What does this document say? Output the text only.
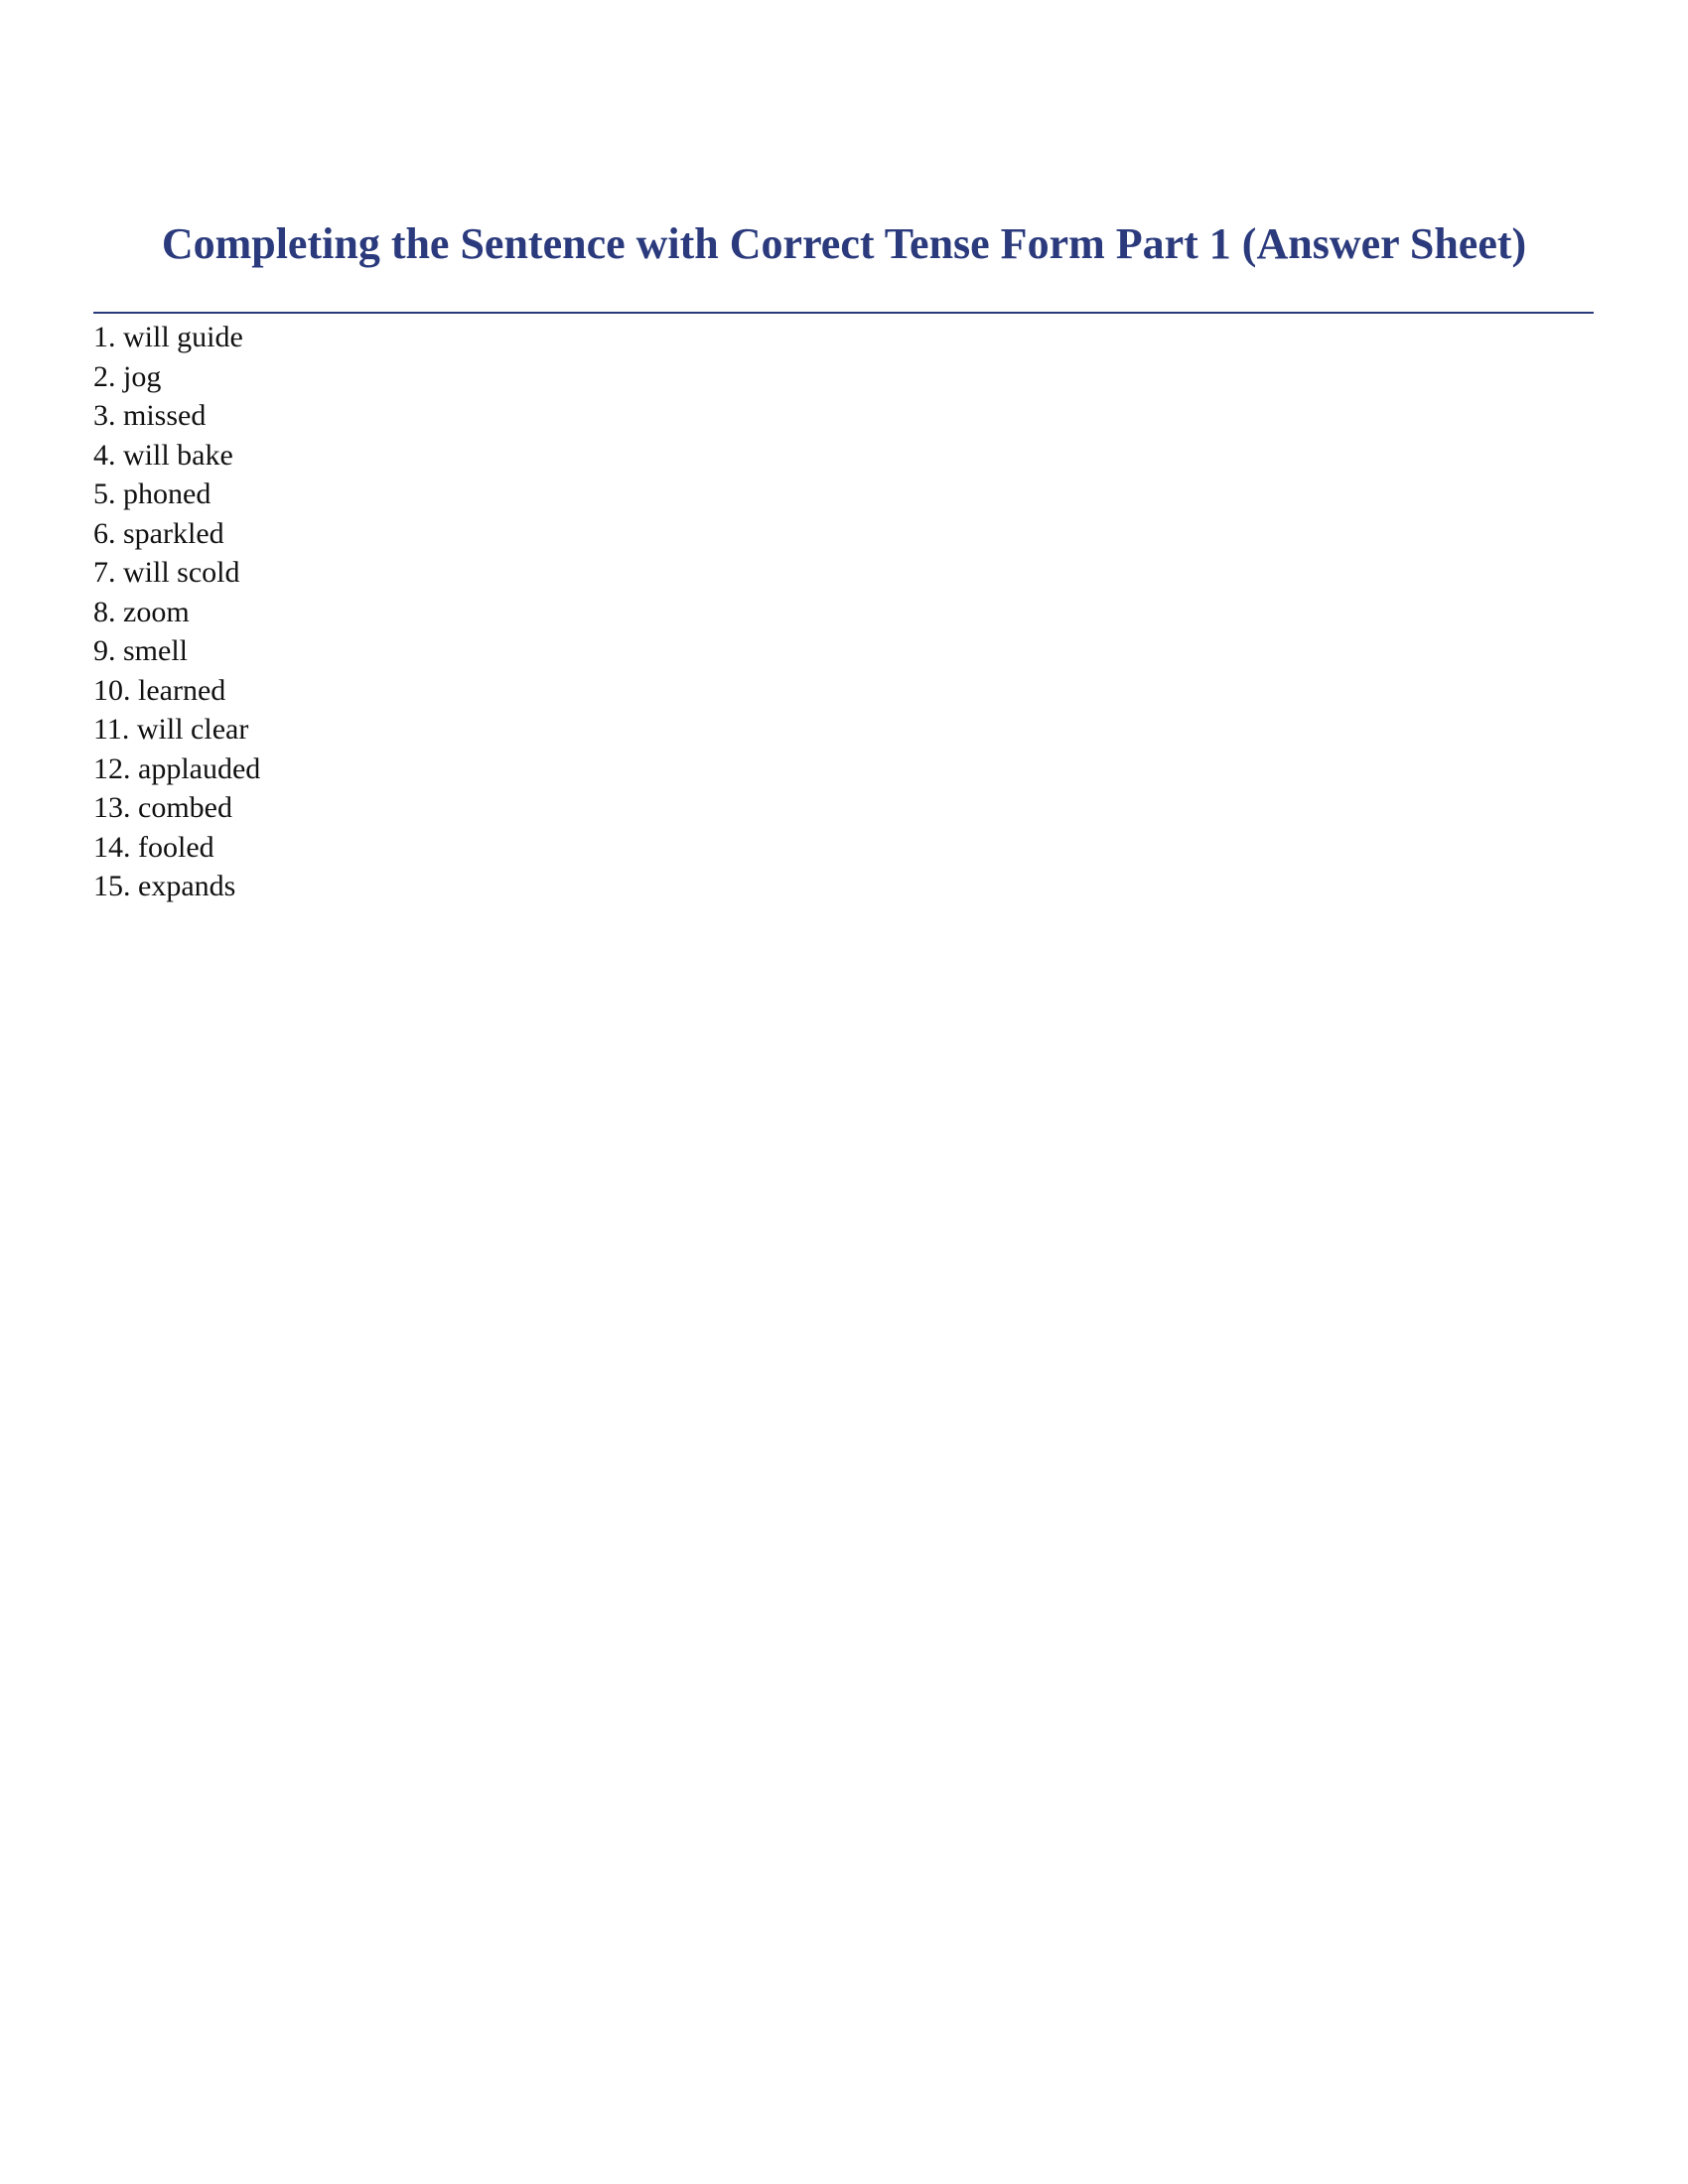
Completing the Sentence with Correct Tense Form Part 1 (Answer Sheet)
1. will guide
2. jog
3. missed
4. will bake
5. phoned
6. sparkled
7. will scold
8. zoom
9. smell
10. learned
11. will clear
12. applauded
13. combed
14. fooled
15. expands
